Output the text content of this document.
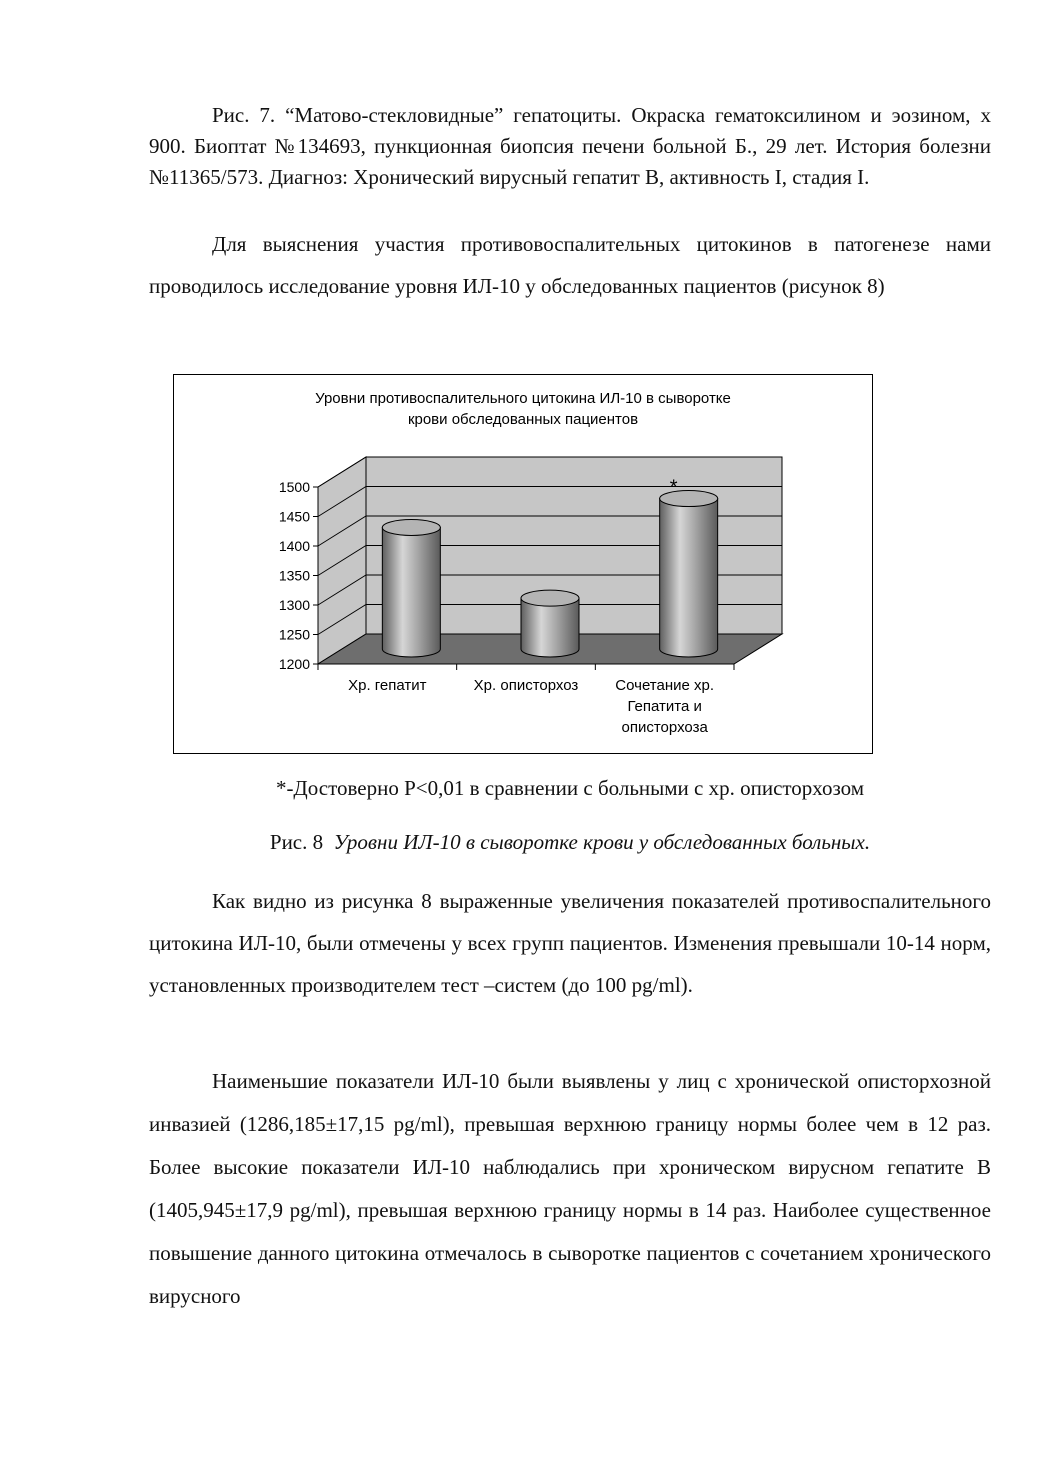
Рис. 7. “Матово-стекловидные” гепатоциты. Окраска гематоксилином и эозином, х 900. Биоптат №134693, пункционная биопсия печени больной Б., 29 лет. История болезни №11365/573. Диагноз: Хронический вирусный гепатит В, активность I, стадия I.

Для выяснения участия противовоспалительных цитокинов в патогенезе нами проводилось исследование уровня ИЛ-10 у обследованных пациентов (рисунок 8)

1200
1250
1300
1350
1400
1450
1500	*
Хр. гепатит	Хр. описторхоз Сочетание хр.
Гепатита и
описторхоза
Уровни противоспалительного цитокина ИЛ-10 в сыворотке
крови обследованных пациентов

*-Достоверно P<0,01 в сравнении с больными с хр. описторхозом

Рис. 8 Уровни ИЛ-10 в сыворотке крови у обследованных больных.

Как видно из рисунка 8 выраженные увеличения показателей противоспалительного цитокина ИЛ-10, были отмечены у всех групп пациентов. Изменения превышали 10-14 норм, установленных производителем тест –систем (до 100 pg/ml).

Наименьшие показатели ИЛ-10 были выявлены у лиц с хронической описторхозной инвазией (1286,185±17,15 pg/ml), превышая верхнюю границу нормы более чем в 12 раз. Более высокие показатели ИЛ-10 наблюдались при хроническом вирусном гепатите В (1405,945±17,9 pg/ml), превышая верхнюю границу нормы в 14 раз. Наиболее существенное повышение данного цитокина отмечалось в сыворотке пациентов с сочетанием хронического вирусного
